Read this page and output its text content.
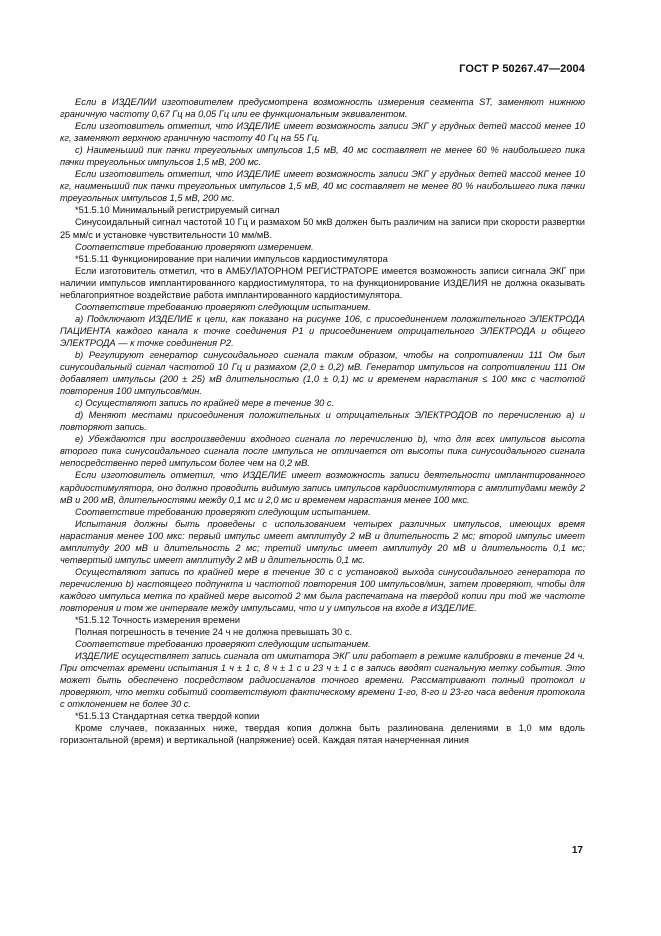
ГОСТ Р 50267.47—2004

Если в ИЗДЕЛИИ изготовителем предусмотрена возможность измерения сегмента ST, заменяют нижнюю граничную частоту 0,67 Гц на 0,05 Гц или ее функциональным эквивалентом.

Если изготовитель отметил, что ИЗДЕЛИЕ имеет возможность записи ЭКГ у грудных детей массой менее 10 кг, заменяют верхнюю граничную частоту 40 Гц на 55 Гц.

с) Наименьший пик пачки треугольных импульсов 1,5 мВ, 40 мс составляет не менее 60 % наибольшего пика пачки треугольных импульсов 1,5 мВ, 200 мс.

Если изготовитель отметил, что ИЗДЕЛИЕ имеет возможность записи ЭКГ у грудных детей массой менее 10 кг, наименьший пик пачки треугольных импульсов 1,5 мВ, 40 мс составляет не менее 80 % наибольшего пика пачки треугольных импульсов 1,5 мВ, 200 мс.

*51.5.10 Минимальный регистрируемый сигнал

Синусоидальный сигнал частотой 10 Гц и размахом 50 мкВ должен быть различим на записи при скорости развертки 25 мм/с и установке чувствительности 10 мм/мВ.

Соответствие требованию проверяют измерением.

*51.5.11 Функционирование при наличии импульсов кардиостимулятора

Если изготовитель отметил, что в АМБУЛАТОРНОМ РЕГИСТРАТОРЕ имеется возможность записи сигнала ЭКГ при наличии импульсов имплантированного кардиостимулятора, то на функционирование ИЗДЕЛИЯ не должна оказывать неблагоприятное воздействие работа имплантированного кардиостимулятора.

Соответствие требованию проверяют следующим испытанием.

а) Подключают ИЗДЕЛИЕ к цепи, как показано на рисунке 106, с присоединением положительного ЭЛЕКТРОДА ПАЦИЕНТА каждого канала к точке соединения Р1 и присоединением отрицательного ЭЛЕКТРОДА и общего ЭЛЕКТРОДА — к точке соединения Р2.

b) Регулируют генератор синусоидального сигнала таким образом, чтобы на сопротивлении 111 Ом был синусоидальный сигнал частотой 10 Гц и размахом (2,0 ± 0,2) мВ. Генератор импульсов на сопротивлении 111 Ом добавляет импульсы (200 ± 25) мВ длительностью (1,0 ± 0,1) мс и временем нарастания ≤ 100 мкс с частотой повторения 100 импульсов/мин.

с) Осуществляют запись по крайней мере в течение 30 с.

d) Меняют местами присоединения положительных и отрицательных ЭЛЕКТРОДОВ по перечислению а) и повторяют запись.

е) Убеждаются при воспроизведении входного сигнала по перечислению b), что для всех импульсов высота второго пика синусоидального сигнала после импульса не отличается от высоты пика синусоидального сигнала непосредственно перед импульсом более чем на 0,2 мВ.

Если изготовитель отметил, что ИЗДЕЛИЕ имеет возможность записи деятельности имплантированного кардиостимулятора, оно должно проводить видимую запись импульсов кардиостимулятора с амплитудами между 2 мВ и 200 мВ, длительностями между 0,1 мс и 2,0 мс и временем нарастания менее 100 мкс.

Соответствие требованию проверяют следующим испытанием.

Испытания должны быть проведены с использованием четырех различных импульсов, имеющих время нарастания менее 100 мкс: первый импульс имеет амплитуду 2 мВ и длительность 2 мс; второй импульс имеет амплитуду 200 мВ и длительность 2 мс; третий импульс имеет амплитуду 20 мВ и длительность 0,1 мс; четвертый импульс имеет амплитуду 2 мВ и длительность 0,1 мс.

Осуществляют запись по крайней мере в течение 30 с с установкой выхода синусоидального генератора по перечислению b) настоящего подпункта и частотой повторения 100 импульсов/мин, затем проверяют, чтобы для каждого импульса метка по крайней мере высотой 2 мм была распечатана на твердой копии при той же частоте повторения и том же интервале между импульсами, что и у импульсов на входе в ИЗДЕЛИЕ.

*51.5.12 Точность измерения времени

Полная погрешность в течение 24 ч не должна превышать 30 с.

Соответствие требованию проверяют следующим испытанием.

ИЗДЕЛИЕ осуществляет запись сигнала от имитатора ЭКГ или работает в режиме калибровки в течение 24 ч. При отсчетах времени испытания 1 ч ± 1 с, 8 ч ± 1 с и 23 ч ± 1 с в запись вводят сигнальную метку события. Это может быть обеспечено посредством радиосигналов точного времени. Рассматривают полный протокол и проверяют, что метки событий соответствуют фактическому времени 1-го, 8-го и 23-го часа ведения протокола с отклонением не более 30 с.

*51.5.13 Стандартная сетка твердой копии

Кроме случаев, показанных ниже, твердая копия должна быть разлинована делениями в 1,0 мм вдоль горизонтальной (время) и вертикальной (напряжение) осей. Каждая пятая начерченная линия

17
